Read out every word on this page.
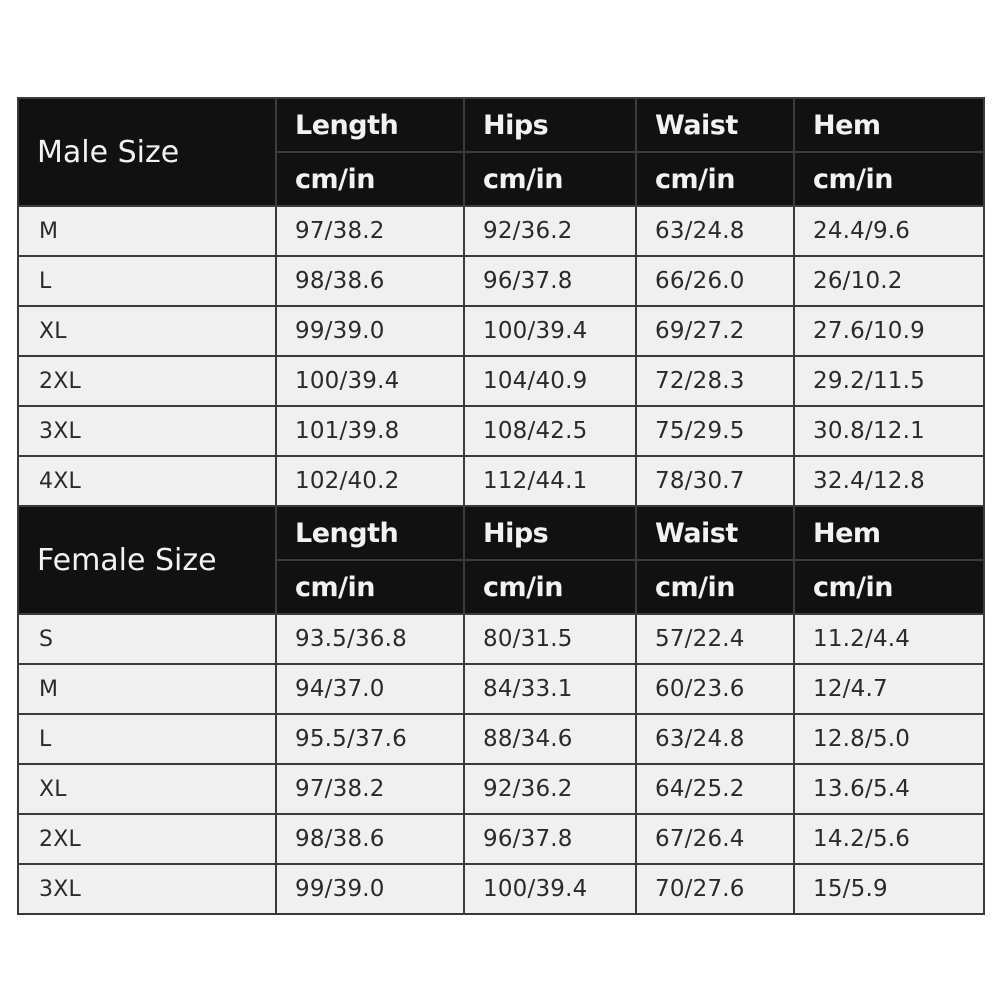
Male Size	Length	Hips	Waist	Hem
	cm/in	cm/in	cm/in	cm/in
M	97/38.2	92/36.2	63/24.8	24.4/9.6
L	98/38.6	96/37.8	66/26.0	26/10.2
XL	99/39.0	100/39.4	69/27.2	27.6/10.9
2XL	100/39.4	104/40.9	72/28.3	29.2/11.5
3XL	101/39.8	108/42.5	75/29.5	30.8/12.1
4XL	102/40.2	112/44.1	78/30.7	32.4/12.8
Female Size	Length	Hips	Waist	Hem
	cm/in	cm/in	cm/in	cm/in
S	93.5/36.8	80/31.5	57/22.4	11.2/4.4
M	94/37.0	84/33.1	60/23.6	12/4.7
L	95.5/37.6	88/34.6	63/24.8	12.8/5.0
XL	97/38.2	92/36.2	64/25.2	13.6/5.4
2XL	98/38.6	96/37.8	67/26.4	14.2/5.6
3XL	99/39.0	100/39.4	70/27.6	15/5.9
